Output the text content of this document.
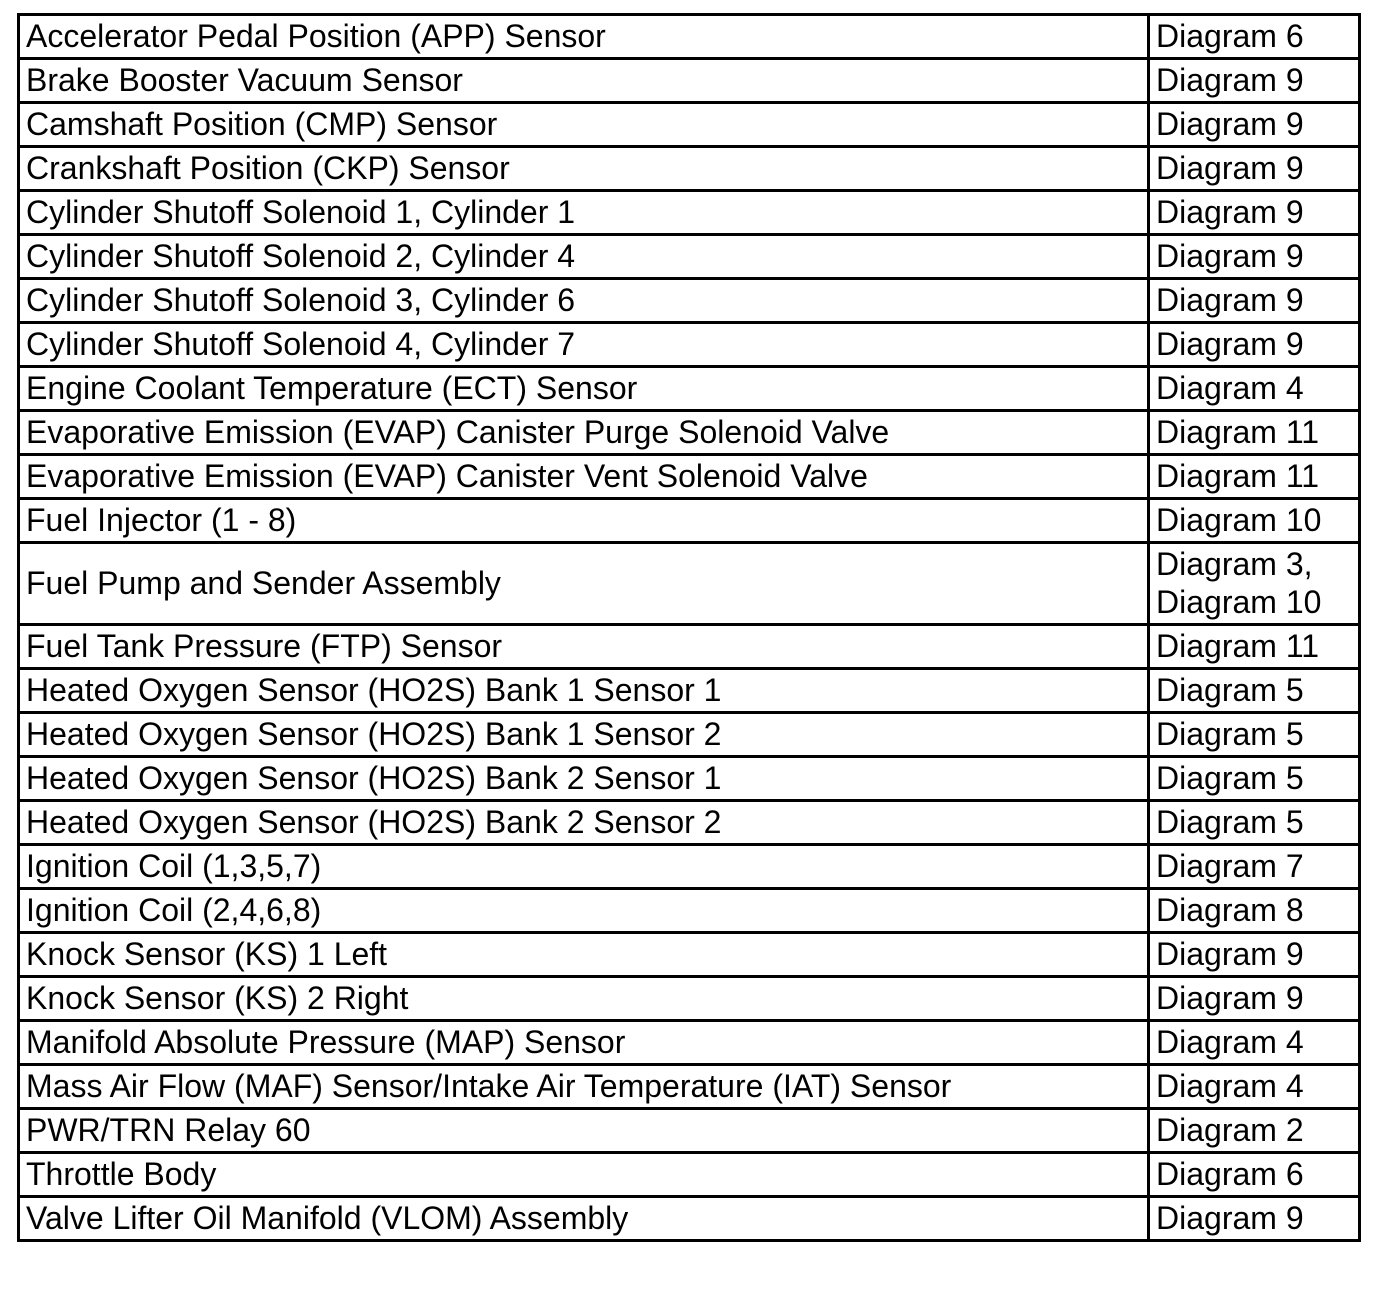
Accelerator Pedal Position (APP) Sensor	Diagram 6

Brake Booster Vacuum Sensor	Diagram 9

Camshaft Position (CMP) Sensor	Diagram 9

Crankshaft Position (CKP) Sensor	Diagram 9

Cylinder Shutoff Solenoid 1, Cylinder 1	Diagram 9

Cylinder Shutoff Solenoid 2, Cylinder 4	Diagram 9

Cylinder Shutoff Solenoid 3, Cylinder 6	Diagram 9

Cylinder Shutoff Solenoid 4, Cylinder 7	Diagram 9

Engine Coolant Temperature (ECT) Sensor	Diagram 4

Evaporative Emission (EVAP) Canister Purge Solenoid Valve	Diagram 11

Evaporative Emission (EVAP) Canister Vent Solenoid Valve	Diagram 11

Fuel Injector (1 - 8)	Diagram 10

Fuel Pump and Sender Assembly	Diagram 3,
Diagram 10

Fuel Tank Pressure (FTP) Sensor	Diagram 11

Heated Oxygen Sensor (HO2S) Bank 1 Sensor 1	Diagram 5

Heated Oxygen Sensor (HO2S) Bank 1 Sensor 2	Diagram 5

Heated Oxygen Sensor (HO2S) Bank 2 Sensor 1	Diagram 5

Heated Oxygen Sensor (HO2S) Bank 2 Sensor 2	Diagram 5

Ignition Coil (1,3,5,7)	Diagram 7

Ignition Coil (2,4,6,8)	Diagram 8

Knock Sensor (KS) 1 Left	Diagram 9

Knock Sensor (KS) 2 Right	Diagram 9

Manifold Absolute Pressure (MAP) Sensor	Diagram 4

Mass Air Flow (MAF) Sensor/Intake Air Temperature (IAT) Sensor	Diagram 4

PWR/TRN Relay 60	Diagram 2

Throttle Body	Diagram 6

Valve Lifter Oil Manifold (VLOM) Assembly	Diagram 9
